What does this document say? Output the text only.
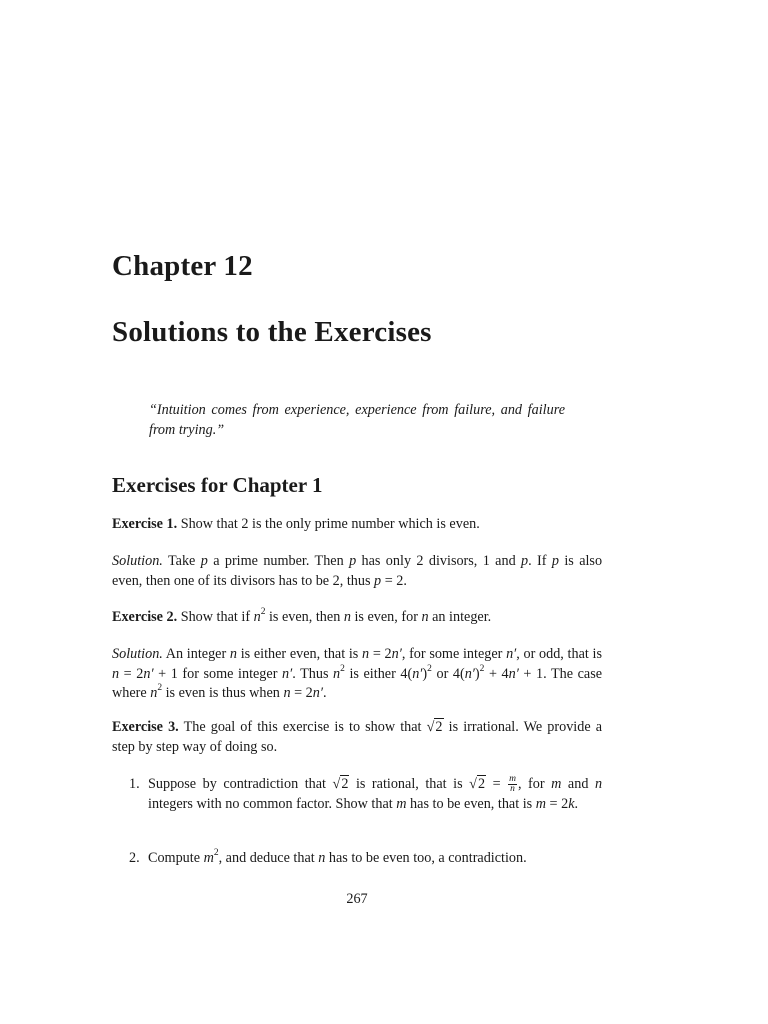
Chapter 12
Solutions to the Exercises
“Intuition comes from experience, experience from failure, and failure from trying.”
Exercises for Chapter 1
Exercise 1. Show that 2 is the only prime number which is even.
Solution. Take p a prime number. Then p has only 2 divisors, 1 and p. If p is also even, then one of its divisors has to be 2, thus p = 2.
Exercise 2. Show that if $n^2$ is even, then n is even, for n an integer.
Solution. An integer n is either even, that is n = 2n′, for some integer n′, or odd, that is n = 2n′ + 1 for some integer n′. Thus $n^2$ is either $4(n')^2$ or $4(n')^2 + 4n' + 1$. The case where $n^2$ is even is thus when n = 2n′.
Exercise 3. The goal of this exercise is to show that √2 is irrational. We provide a step by step way of doing so.
1. Suppose by contradiction that √2 is rational, that is $√2 = \frac{m}{n}$ , for m and n integers with no common factor. Show that m has to be even, that is m = 2k.
2. Compute $m^2$, and deduce that n has to be even too, a contradiction.
267
